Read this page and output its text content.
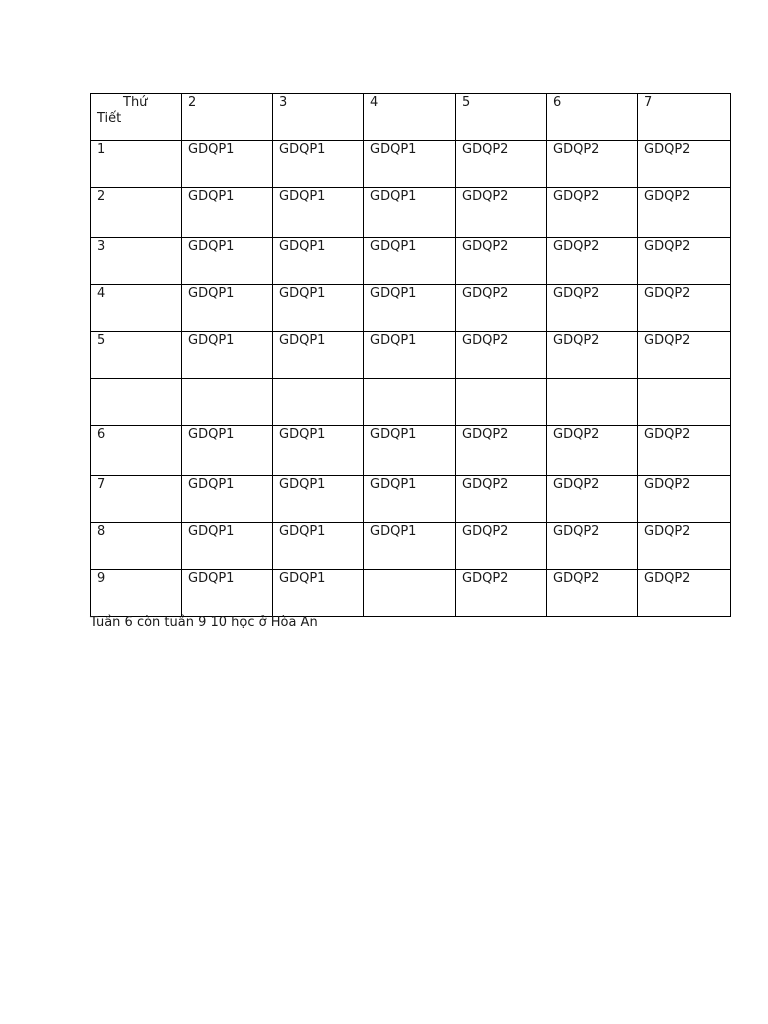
Thứ
Tiết	2	3	4	5	6	7
1	GDQP1	GDQP1	GDQP1	GDQP2	GDQP2	GDQP2
2	GDQP1	GDQP1	GDQP1	GDQP2	GDQP2	GDQP2
3	GDQP1	GDQP1	GDQP1	GDQP2	GDQP2	GDQP2
4	GDQP1	GDQP1	GDQP1	GDQP2	GDQP2	GDQP2
5	GDQP1	GDQP1	GDQP1	GDQP2	GDQP2	GDQP2

6	GDQP1	GDQP1	GDQP1	GDQP2	GDQP2	GDQP2
7	GDQP1	GDQP1	GDQP1	GDQP2	GDQP2	GDQP2
8	GDQP1	GDQP1	GDQP1	GDQP2	GDQP2	GDQP2
9	GDQP1	GDQP1		GDQP2	GDQP2	GDQP2
Tuần 6 còn tuần 9 10 học ở Hòa An
